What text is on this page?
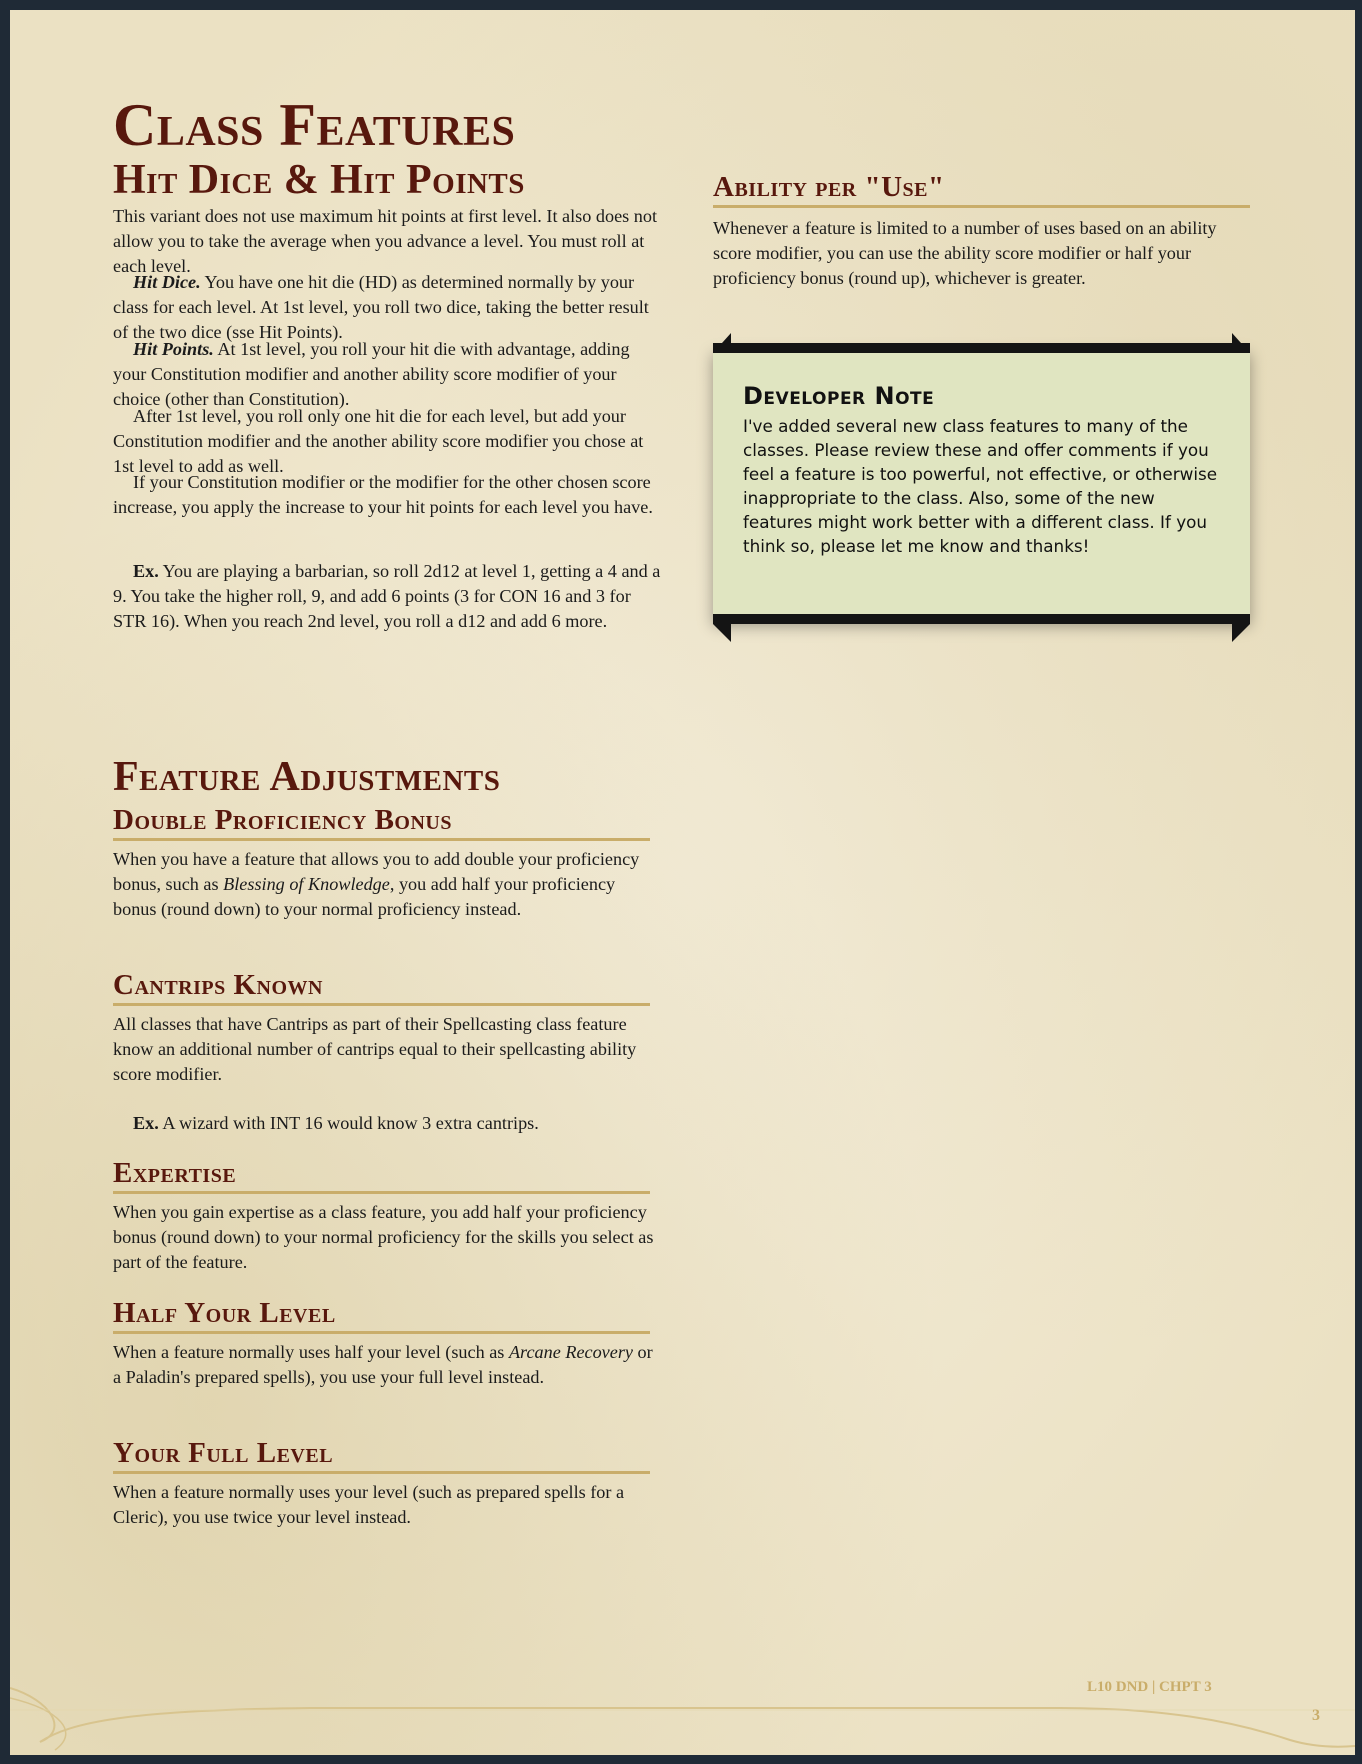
Class Features
Hit Dice & Hit Points

This variant does not use maximum hit points at first level. It also does not allow you to take the average when you advance a level. You must roll at each level.

Hit Dice. You have one hit die (HD) as determined normally by your class for each level. At 1st level, you roll two dice, taking the better result of the two dice (sse Hit Points).

Hit Points. At 1st level, you roll your hit die with advantage, adding your Constitution modifier and another ability score modifier of your choice (other than Constitution).

After 1st level, you roll only one hit die for each level, but add your Constitution modifier and the another ability score modifier you chose at 1st level to add as well.

If your Constitution modifier or the modifier for the other chosen score increase, you apply the increase to your hit points for each level you have.

Ex. You are playing a barbarian, so roll 2d12 at level 1, getting a 4 and a 9. You take the higher roll, 9, and add 6 points (3 for CON 16 and 3 for STR 16). When you reach 2nd level, you roll a d12 and add 6 more.

Feature Adjustments
Double Proficiency Bonus

When you have a feature that allows you to add double your proficiency bonus, such as Blessing of Knowledge, you add half your proficiency bonus (round down) to your normal proficiency instead.

Cantrips Known

All classes that have Cantrips as part of their Spellcasting class feature know an additional number of cantrips equal to their spellcasting ability score modifier.

Ex. A wizard with INT 16 would know 3 extra cantrips.

Expertise

When you gain expertise as a class feature, you add half your proficiency bonus (round down) to your normal proficiency for the skills you select as part of the feature.

Half Your Level

When a feature normally uses half your level (such as Arcane Recovery or a Paladin's prepared spells), you use your full level instead.

Your Full Level

When a feature normally uses your level (such as prepared spells for a Cleric), you use twice your level instead.

Ability per "Use"

Whenever a feature is limited to a number of uses based on an ability score modifier, you can use the ability score modifier or half your proficiency bonus (round up), whichever is greater.

Developer Note

I've added several new class features to many of the classes. Please review these and offer comments if you feel a feature is too powerful, not effective, or otherwise inappropriate to the class. Also, some of the new features might work better with a different class. If you think so, please let me know and thanks!

L10 DND | CHPT 3
3
